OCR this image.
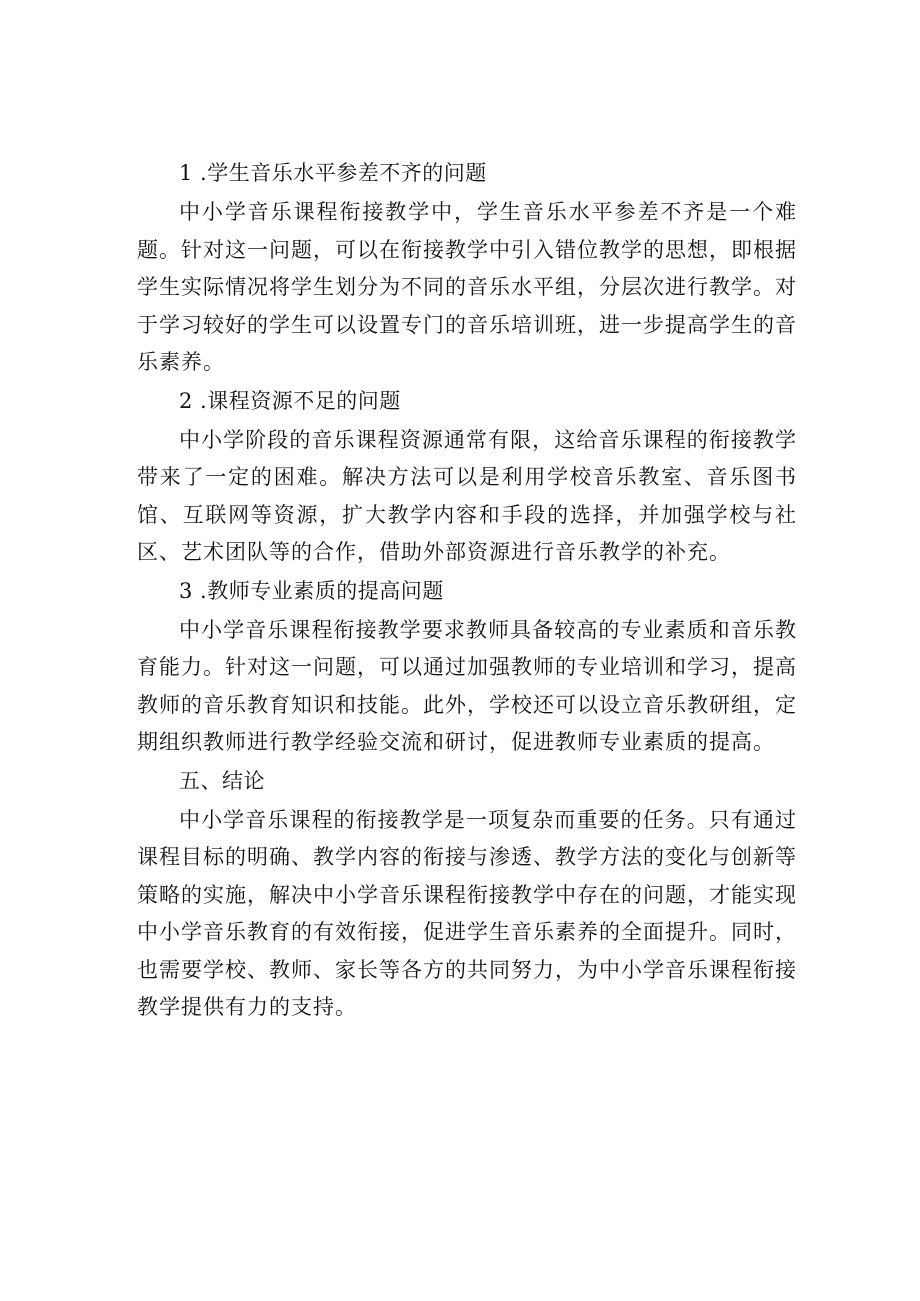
1 .学生音乐水平参差不齐的问题

中小学音乐课程衔接教学中，学生音乐水平参差不齐是一个难题。针对这一问题，可以在衔接教学中引入错位教学的思想，即根据学生实际情况将学生划分为不同的音乐水平组，分层次进行教学。对于学习较好的学生可以设置专门的音乐培训班，进一步提高学生的音乐素养。

2 .课程资源不足的问题

中小学阶段的音乐课程资源通常有限，这给音乐课程的衔接教学带来了一定的困难。解决方法可以是利用学校音乐教室、音乐图书馆、互联网等资源，扩大教学内容和手段的选择，并加强学校与社区、艺术团队等的合作，借助外部资源进行音乐教学的补充。

3 .教师专业素质的提高问题

中小学音乐课程衔接教学要求教师具备较高的专业素质和音乐教育能力。针对这一问题，可以通过加强教师的专业培训和学习，提高教师的音乐教育知识和技能。此外，学校还可以设立音乐教研组，定期组织教师进行教学经验交流和研讨，促进教师专业素质的提高。

五、结论

中小学音乐课程的衔接教学是一项复杂而重要的任务。只有通过课程目标的明确、教学内容的衔接与渗透、教学方法的变化与创新等策略的实施，解决中小学音乐课程衔接教学中存在的问题，才能实现中小学音乐教育的有效衔接，促进学生音乐素养的全面提升。同时，也需要学校、教师、家长等各方的共同努力，为中小学音乐课程衔接教学提供有力的支持。
